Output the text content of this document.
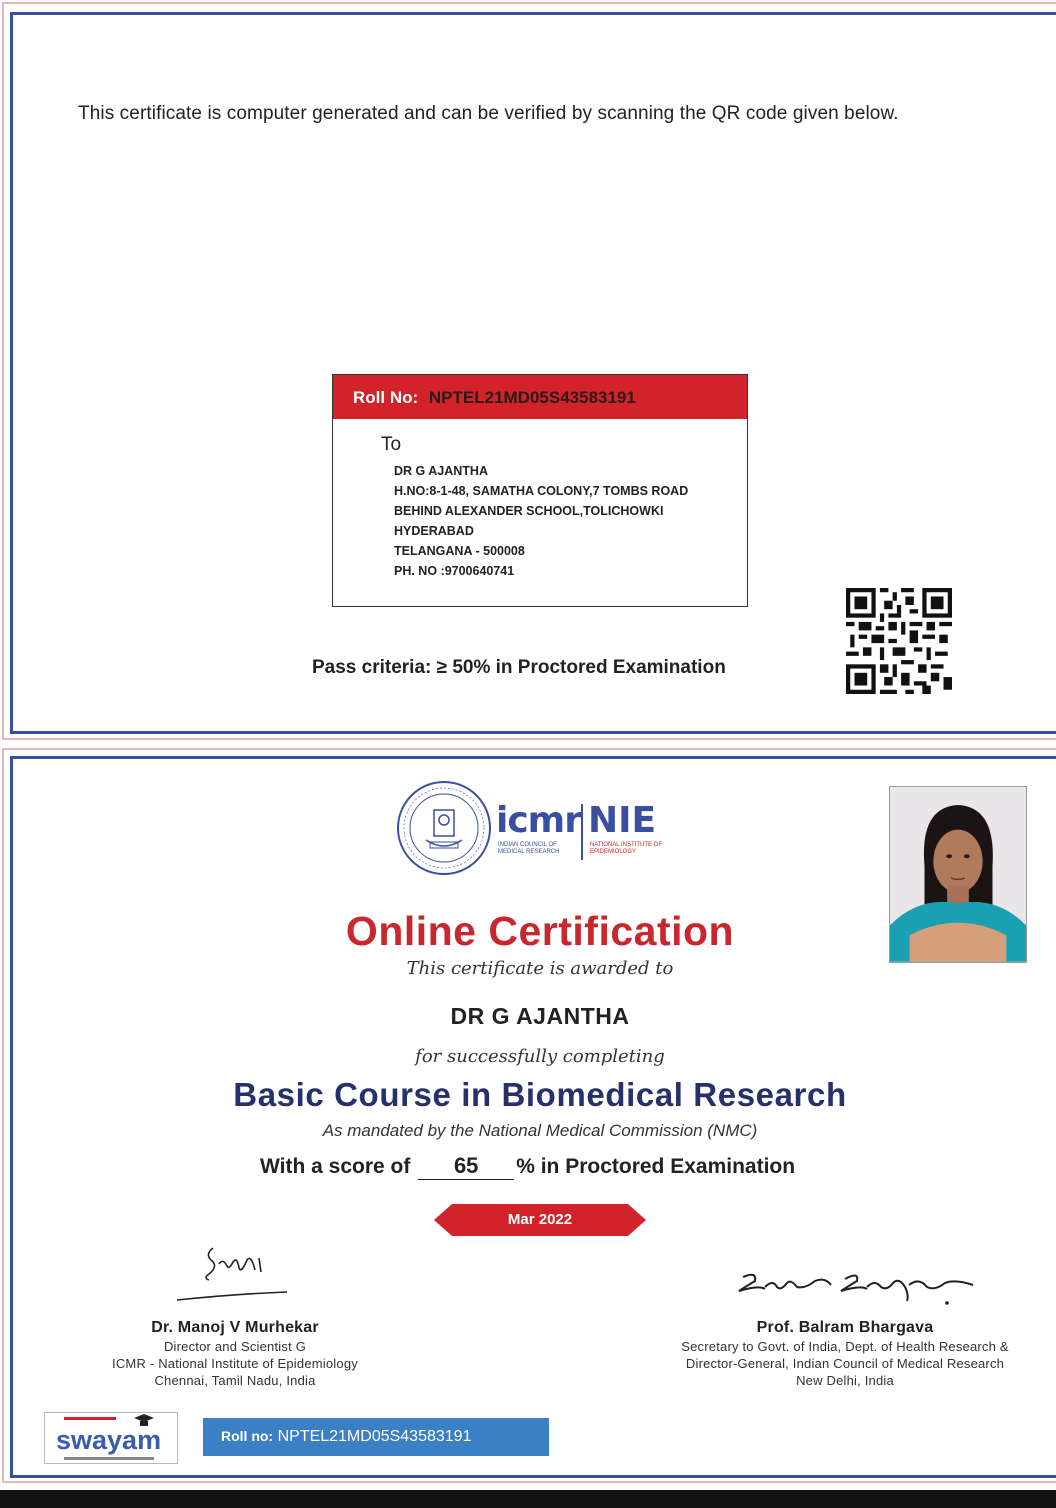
This certificate is computer generated and can be verified by scanning the QR code given below.
Roll No: NPTEL21MD05S43583191
To
DR G AJANTHA
H.NO:8-1-48, SAMATHA COLONY,7 TOMBS ROAD
BEHIND ALEXANDER SCHOOL,TOLICHOWKI
HYDERABAD
TELANGANA - 500008
PH. NO :9700640741
Pass criteria: ≥ 50% in Proctored Examination
icmr NIE
INDIAN COUNCIL OF MEDICAL RESEARCH
NATIONAL INSTITUTE OF EPIDEMIOLOGY
Online Certification
This certificate is awarded to
DR G AJANTHA
for successfully completing
Basic Course in Biomedical Research
As mandated by the National Medical Commission (NMC)
With a score of 65 % in Proctored Examination
Mar 2022
Dr. Manoj V Murhekar
Director and Scientist G
ICMR - National Institute of Epidemiology
Chennai, Tamil Nadu, India
Prof. Balram Bhargava
Secretary to Govt. of India, Dept. of Health Research &
Director-General, Indian Council of Medical Research
New Delhi, India
swayam	Roll no: NPTEL21MD05S43583191
